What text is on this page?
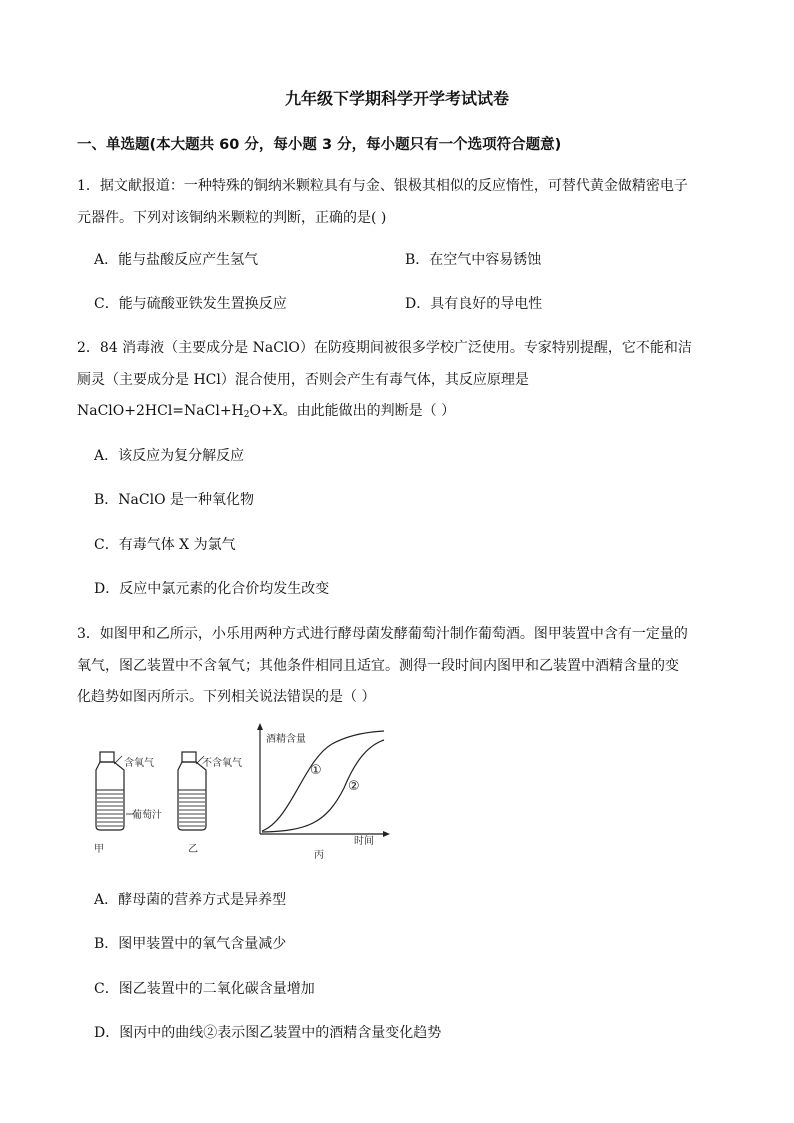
九年级下学期科学开学考试试卷
一、单选题(本大题共 60 分，每小题 3 分，每小题只有一个选项符合题意)
1．据文献报道：一种特殊的铜纳米颗粒具有与金、银极其相似的反应惰性，可替代黄金做精密电子
元器件。下列对该铜纳米颗粒的判断，正确的是( )
A．能与盐酸反应产生氢气	B．在空气中容易锈蚀
C．能与硫酸亚铁发生置换反应	D．具有良好的导电性
2．84 消毒液（主要成分是 NaClO）在防疫期间被很多学校广泛使用。专家特别提醒，它不能和洁
厕灵（主要成分是 HCl）混合使用，否则会产生有毒气体，其反应原理是
$NaClO+2HCl=NaCl+H_2O+X$。由此能做出的判断是（ ）
A．该反应为复分解反应
B．NaClO 是一种氧化物
C．有毒气体 X 为氯气
D．反应中氯元素的化合价均发生改变
3．如图甲和乙所示，小乐用两种方式进行酵母菌发酵葡萄汁制作葡萄酒。图甲装置中含有一定量的
氧气，图乙装置中不含氧气；其他条件相同且适宜。测得一段时间内图甲和乙装置中酒精含量的变
化趋势如图丙所示。下列相关说法错误的是（ ）
含氧气	不含氧气
葡萄汁
甲	乙
酒精含量
时间
丙
①
②
A．酵母菌的营养方式是异养型
B．图甲装置中的氧气含量减少
C．图乙装置中的二氧化碳含量增加
D．图丙中的曲线②表示图乙装置中的酒精含量变化趋势
